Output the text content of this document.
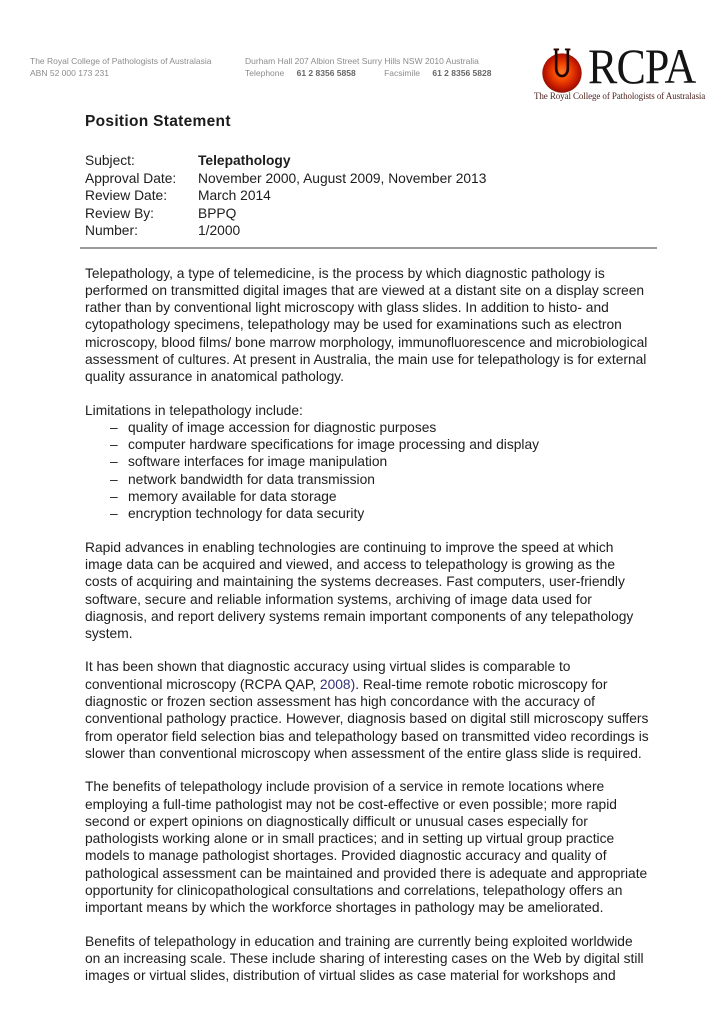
The Royal College of Pathologists of Australasia
ABN 52 000 173 231
Durham Hall 207 Albion Street Surry Hills NSW 2010 Australia
Telephone 61 2 8356 5858	Facsimile 61 2 8356 5828 RCPA
The Royal College of Pathologists of Australasia
Position Statement
Subject:	Telepathology
Approval Date:	November 2000, August 2009, November 2013
Review Date:	March 2014
Review By:	BPPQ
Number:	1/2000

Telepathology, a type of telemedicine, is the process by which diagnostic pathology is performed on transmitted digital images that are viewed at a distant site on a display screen rather than by conventional light microscopy with glass slides. In addition to histo- and cytopathology specimens, telepathology may be used for examinations such as electron microscopy, blood films/ bone marrow morphology, immunofluorescence and microbiological assessment of cultures. At present in Australia, the main use for telepathology is for external quality assurance in anatomical pathology.

Limitations in telepathology include:

– quality of image accession for diagnostic purposes
– computer hardware specifications for image processing and display
– software interfaces for image manipulation
– network bandwidth for data transmission
– memory available for data storage
– encryption technology for data security

Rapid advances in enabling technologies are continuing to improve the speed at which image data can be acquired and viewed, and access to telepathology is growing as the costs of acquiring and maintaining the systems decreases. Fast computers, user-friendly software, secure and reliable information systems, archiving of image data used for diagnosis, and report delivery systems remain important components of any telepathology system.

It has been shown that diagnostic accuracy using virtual slides is comparable to conventional microscopy (RCPA QAP, 2008). Real-time remote robotic microscopy for diagnostic or frozen section assessment has high concordance with the accuracy of conventional pathology practice. However, diagnosis based on digital still microscopy suffers from operator field selection bias and telepathology based on transmitted video recordings is slower than conventional microscopy when assessment of the entire glass slide is required.

The benefits of telepathology include provision of a service in remote locations where employing a full-time pathologist may not be cost-effective or even possible; more rapid second or expert opinions on diagnostically difficult or unusual cases especially for pathologists working alone or in small practices; and in setting up virtual group practice models to manage pathologist shortages. Provided diagnostic accuracy and quality of pathological assessment can be maintained and provided there is adequate and appropriate opportunity for clinicopathological consultations and correlations, telepathology offers an important means by which the workforce shortages in pathology may be ameliorated.

Benefits of telepathology in education and training are currently being exploited worldwide on an increasing scale. These include sharing of interesting cases on the Web by digital still images or virtual slides, distribution of virtual slides as case material for workshops and
